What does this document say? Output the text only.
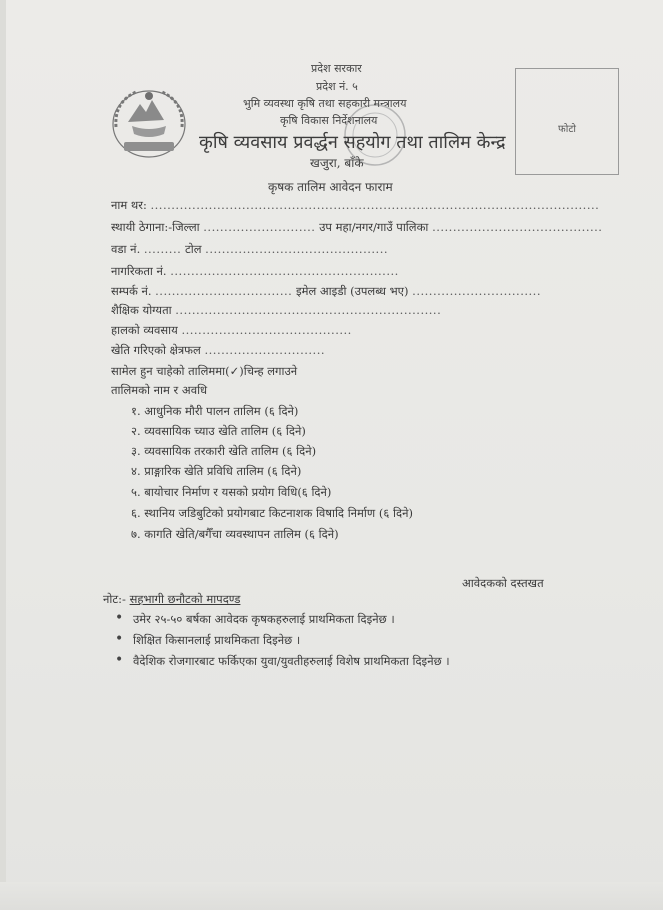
प्रदेश सरकार
प्रदेश नं. ५
भुमि व्यवस्था कृषि तथा सहकारी मन्त्रालय
कृषि विकास निर्देशनालय
कृषि व्यवसाय प्रवर्द्धन सहयोग तथा तालिम केन्द्र
खजुरा, बाँके
फोटो
कृषक तालिम आवेदन फाराम
नाम थर: ............................................................................................................
स्थायी ठेगाना:-जिल्ला ........................... उप महा/नगर/गाउँ पालिका .........................................
वडा नं. ......... टोल ............................................
नागरिकता नं. .......................................................
सम्पर्क नं. ................................. इमेल आइडी (उपलब्ध भए) ...............................
शैक्षिक योग्यता ................................................................
हालको व्यवसाय .........................................
खेति गरिएको क्षेत्रफल .............................
सामेल हुन चाहेको तालिममा(✓)चिन्ह लगाउने
तालिमको नाम र अवधि
१. आधुनिक मौरी पालन तालिम (६ दिने)
२. व्यवसायिक च्याउ खेति तालिम (६ दिने)
३. व्यवसायिक तरकारी खेति तालिम (६ दिने)
४. प्राङ्गारिक खेति प्रविधि तालिम (६ दिने)
५. बायोचार निर्माण र यसको प्रयोग विधि(६ दिने)
६. स्थानिय जडिबुटिको प्रयोगबाट किटनाशक विषादि निर्माण (६ दिने)
७. कागति खेति/बगैँचा व्यवस्थापन तालिम (६ दिने)
आवेदकको दस्तखत
नोट:- सहभागी छनौटको मापदण्ड
• उमेर २५-५० बर्षका आवेदक कृषकहरुलाई प्राथमिकता दिइनेछ ।
• शिक्षित किसानलाई प्राथमिकता दिइनेछ ।
• वैदेशिक रोजगारबाट फर्किएका युवा/युवतीहरुलाई विशेष प्राथमिकता दिइनेछ ।
